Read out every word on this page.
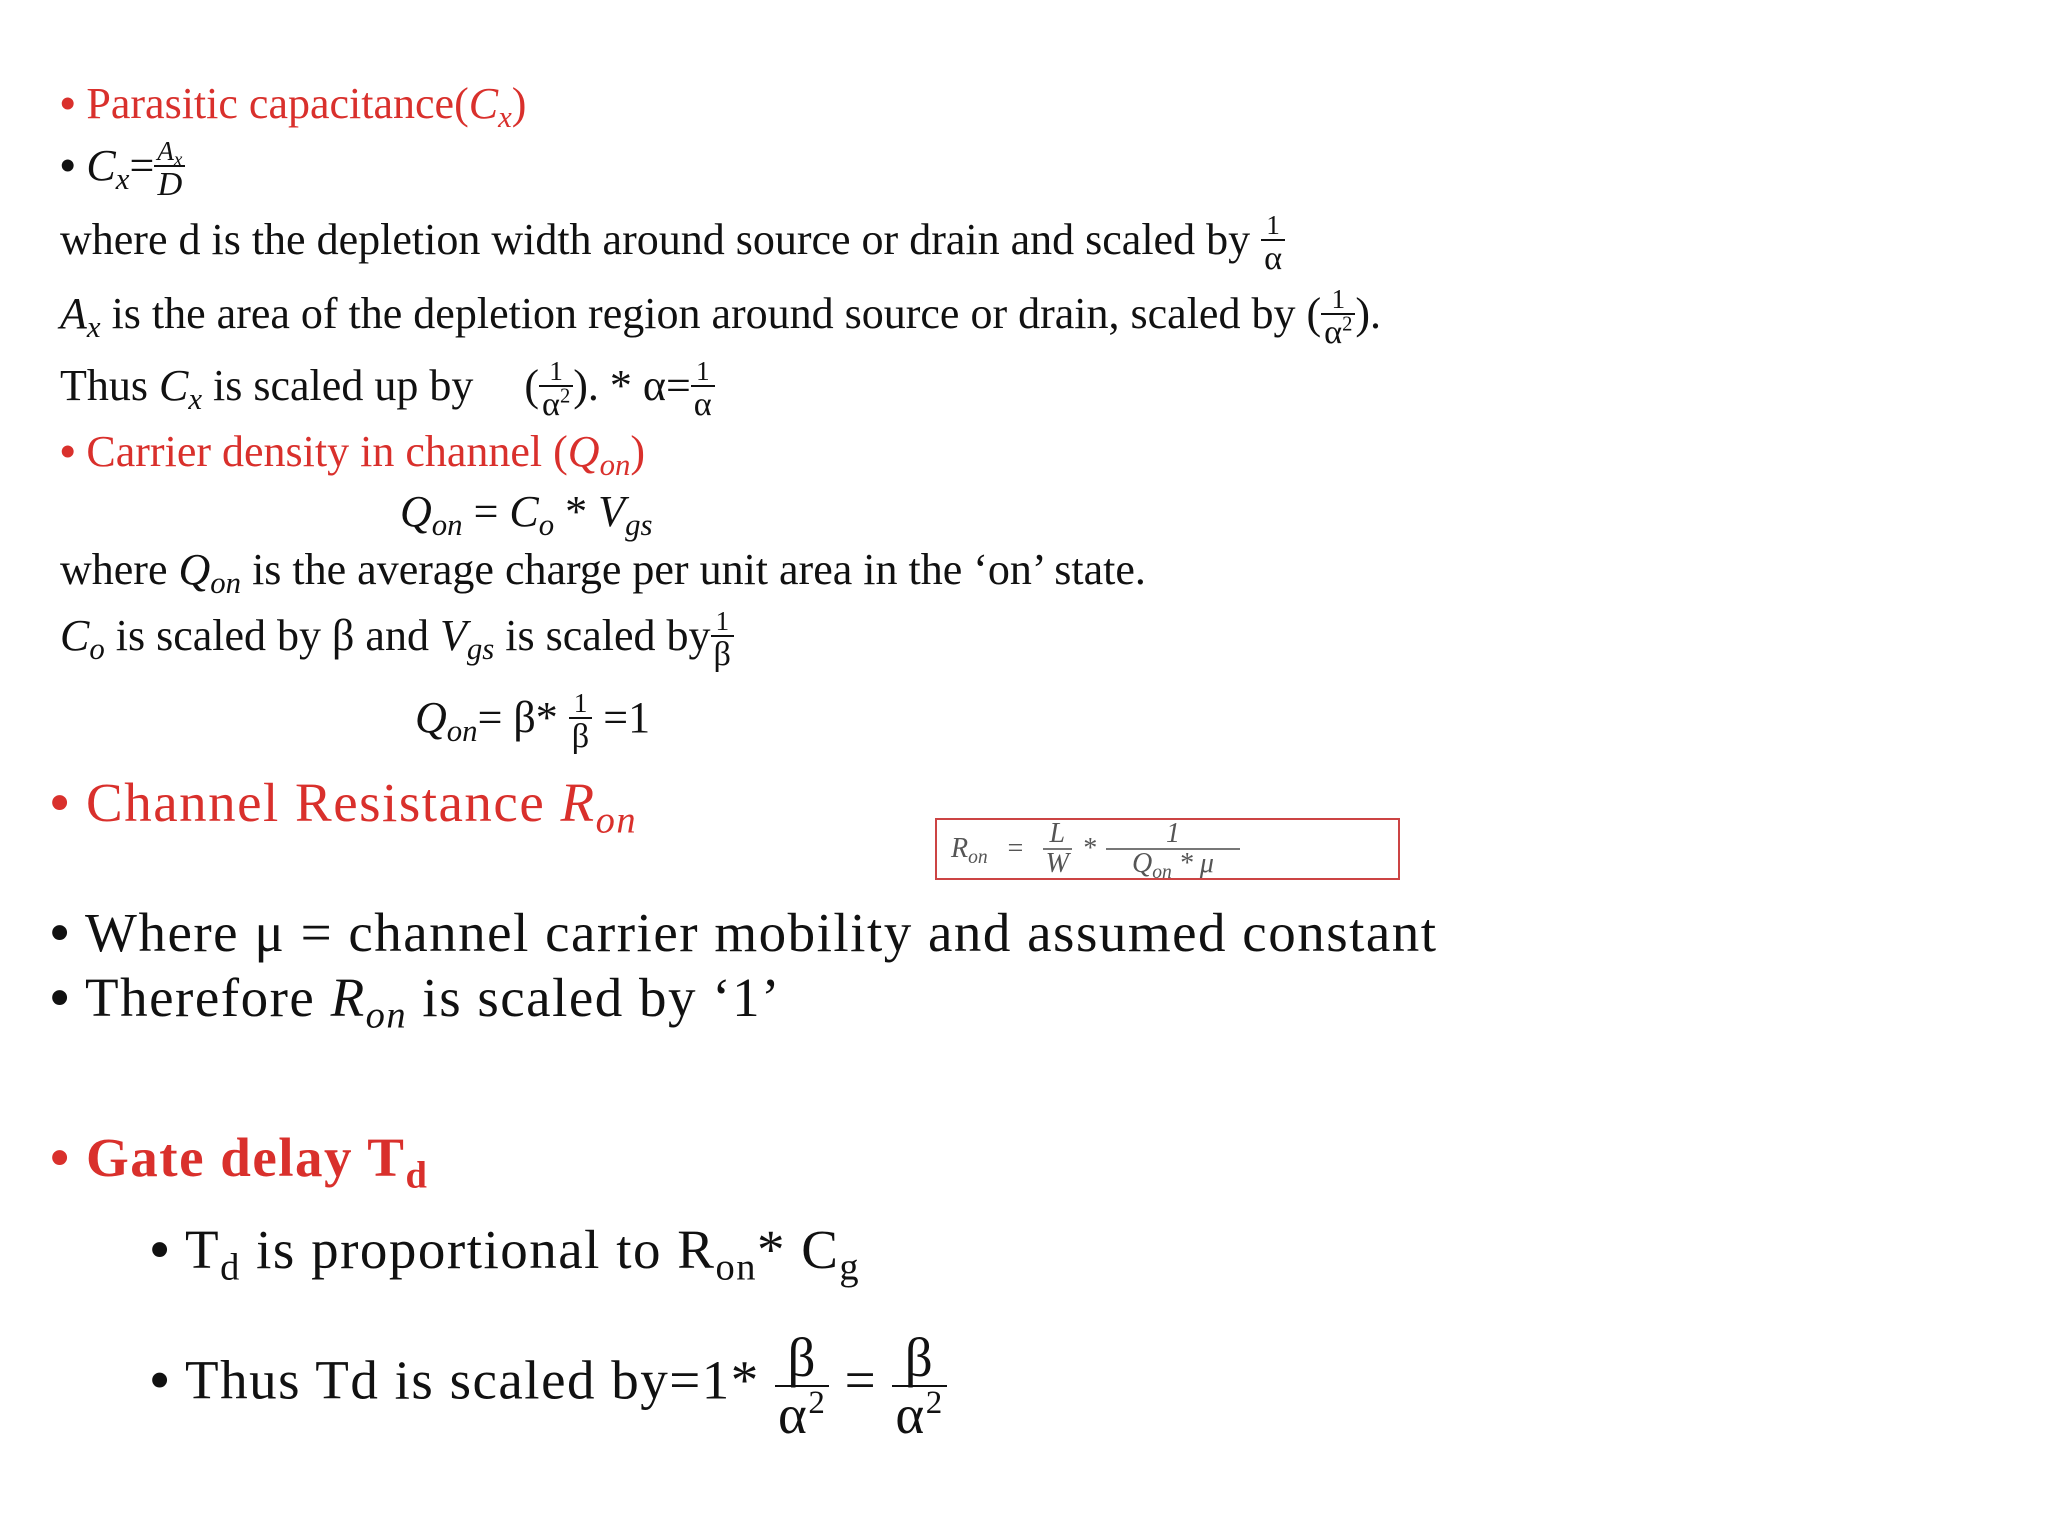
• Parasitic $capacitance(C_x)$
• $C_x= \frac{A_x}{D}$
where d is the depletion width around source or drain and scaled by $\frac{1}{\alpha}$
$A_x$ is the area of the depletion region around source or drain, scaled by ( $\frac{1}{\alpha^2}$ ).
Thus $C_x$ is scaled up by ( $\frac{1}{\alpha^2}$ ). * $\alpha= \frac{1}{\alpha}$
• Carrier density in channel $(Q_{on})$
$Q_{on} = C_o * V_{gs}$
where $Q_{on}$ is the average charge per unit area in the ‘on’ state.
$C_o$ is scaled by β and $V_{gs}$ is scaled by $\frac{1}{\beta}$
$Q_{on}= \beta* \frac{1}{\beta} =1$
• Channel Resistance $R_{on}$
$R_{on} = \frac{L}{W} * \frac{1}{Q_{on} * \mu}$
• Where μ = channel carrier mobility and assumed constant
• Therefore $R_{on}$ is scaled by ‘1’
• Gate delay $T_d$
• $T_d$ is proportional to $R_{on}*$ $C_g$
• Thus Td is scaled $by=1* \frac{\beta}{\alpha^2} = \frac{\beta}{\alpha^2}$
